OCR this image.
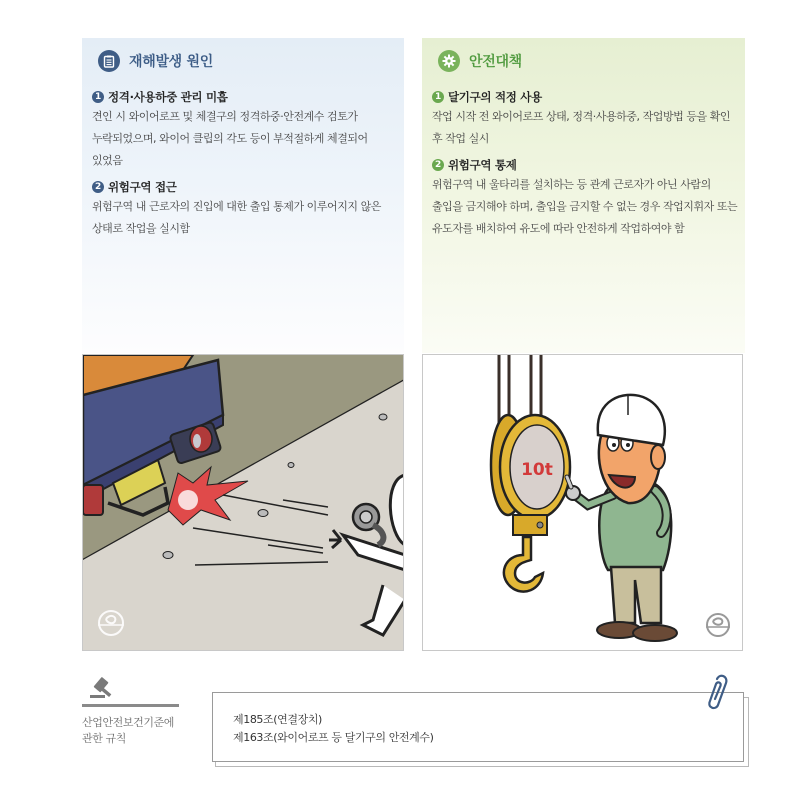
재해발생 원인
1 정격·사용하중 관리 미흡

견인 시 와이어로프 및 체결구의 정격하중·안전계수 검토가 누락되었으며, 와이어 클립의 각도 등이 부적절하게 체결되어 있었음

2 위험구역 접근

위험구역 내 근로자의 진입에 대한 출입 통제가 이루어지지 않은 상태로 작업을 실시함

안전대책
1 달기구의 적정 사용

작업 시작 전 와이어로프 상태, 정격·사용하중, 작업방법 등을 확인 후 작업 실시

2 위험구역 통제

위험구역 내 울타리를 설치하는 등 관계 근로자가 아닌 사람의 출입을 금지해야 하며, 출입을 금지할 수 없는 경우 작업지휘자 또는 유도자를 배치하여 유도에 따라 안전하게 작업하여야 함

10t
산업안전보건기준에
관한 규칙
제185조(연결장치)
제163조(와이어로프 등 달기구의 안전계수)
